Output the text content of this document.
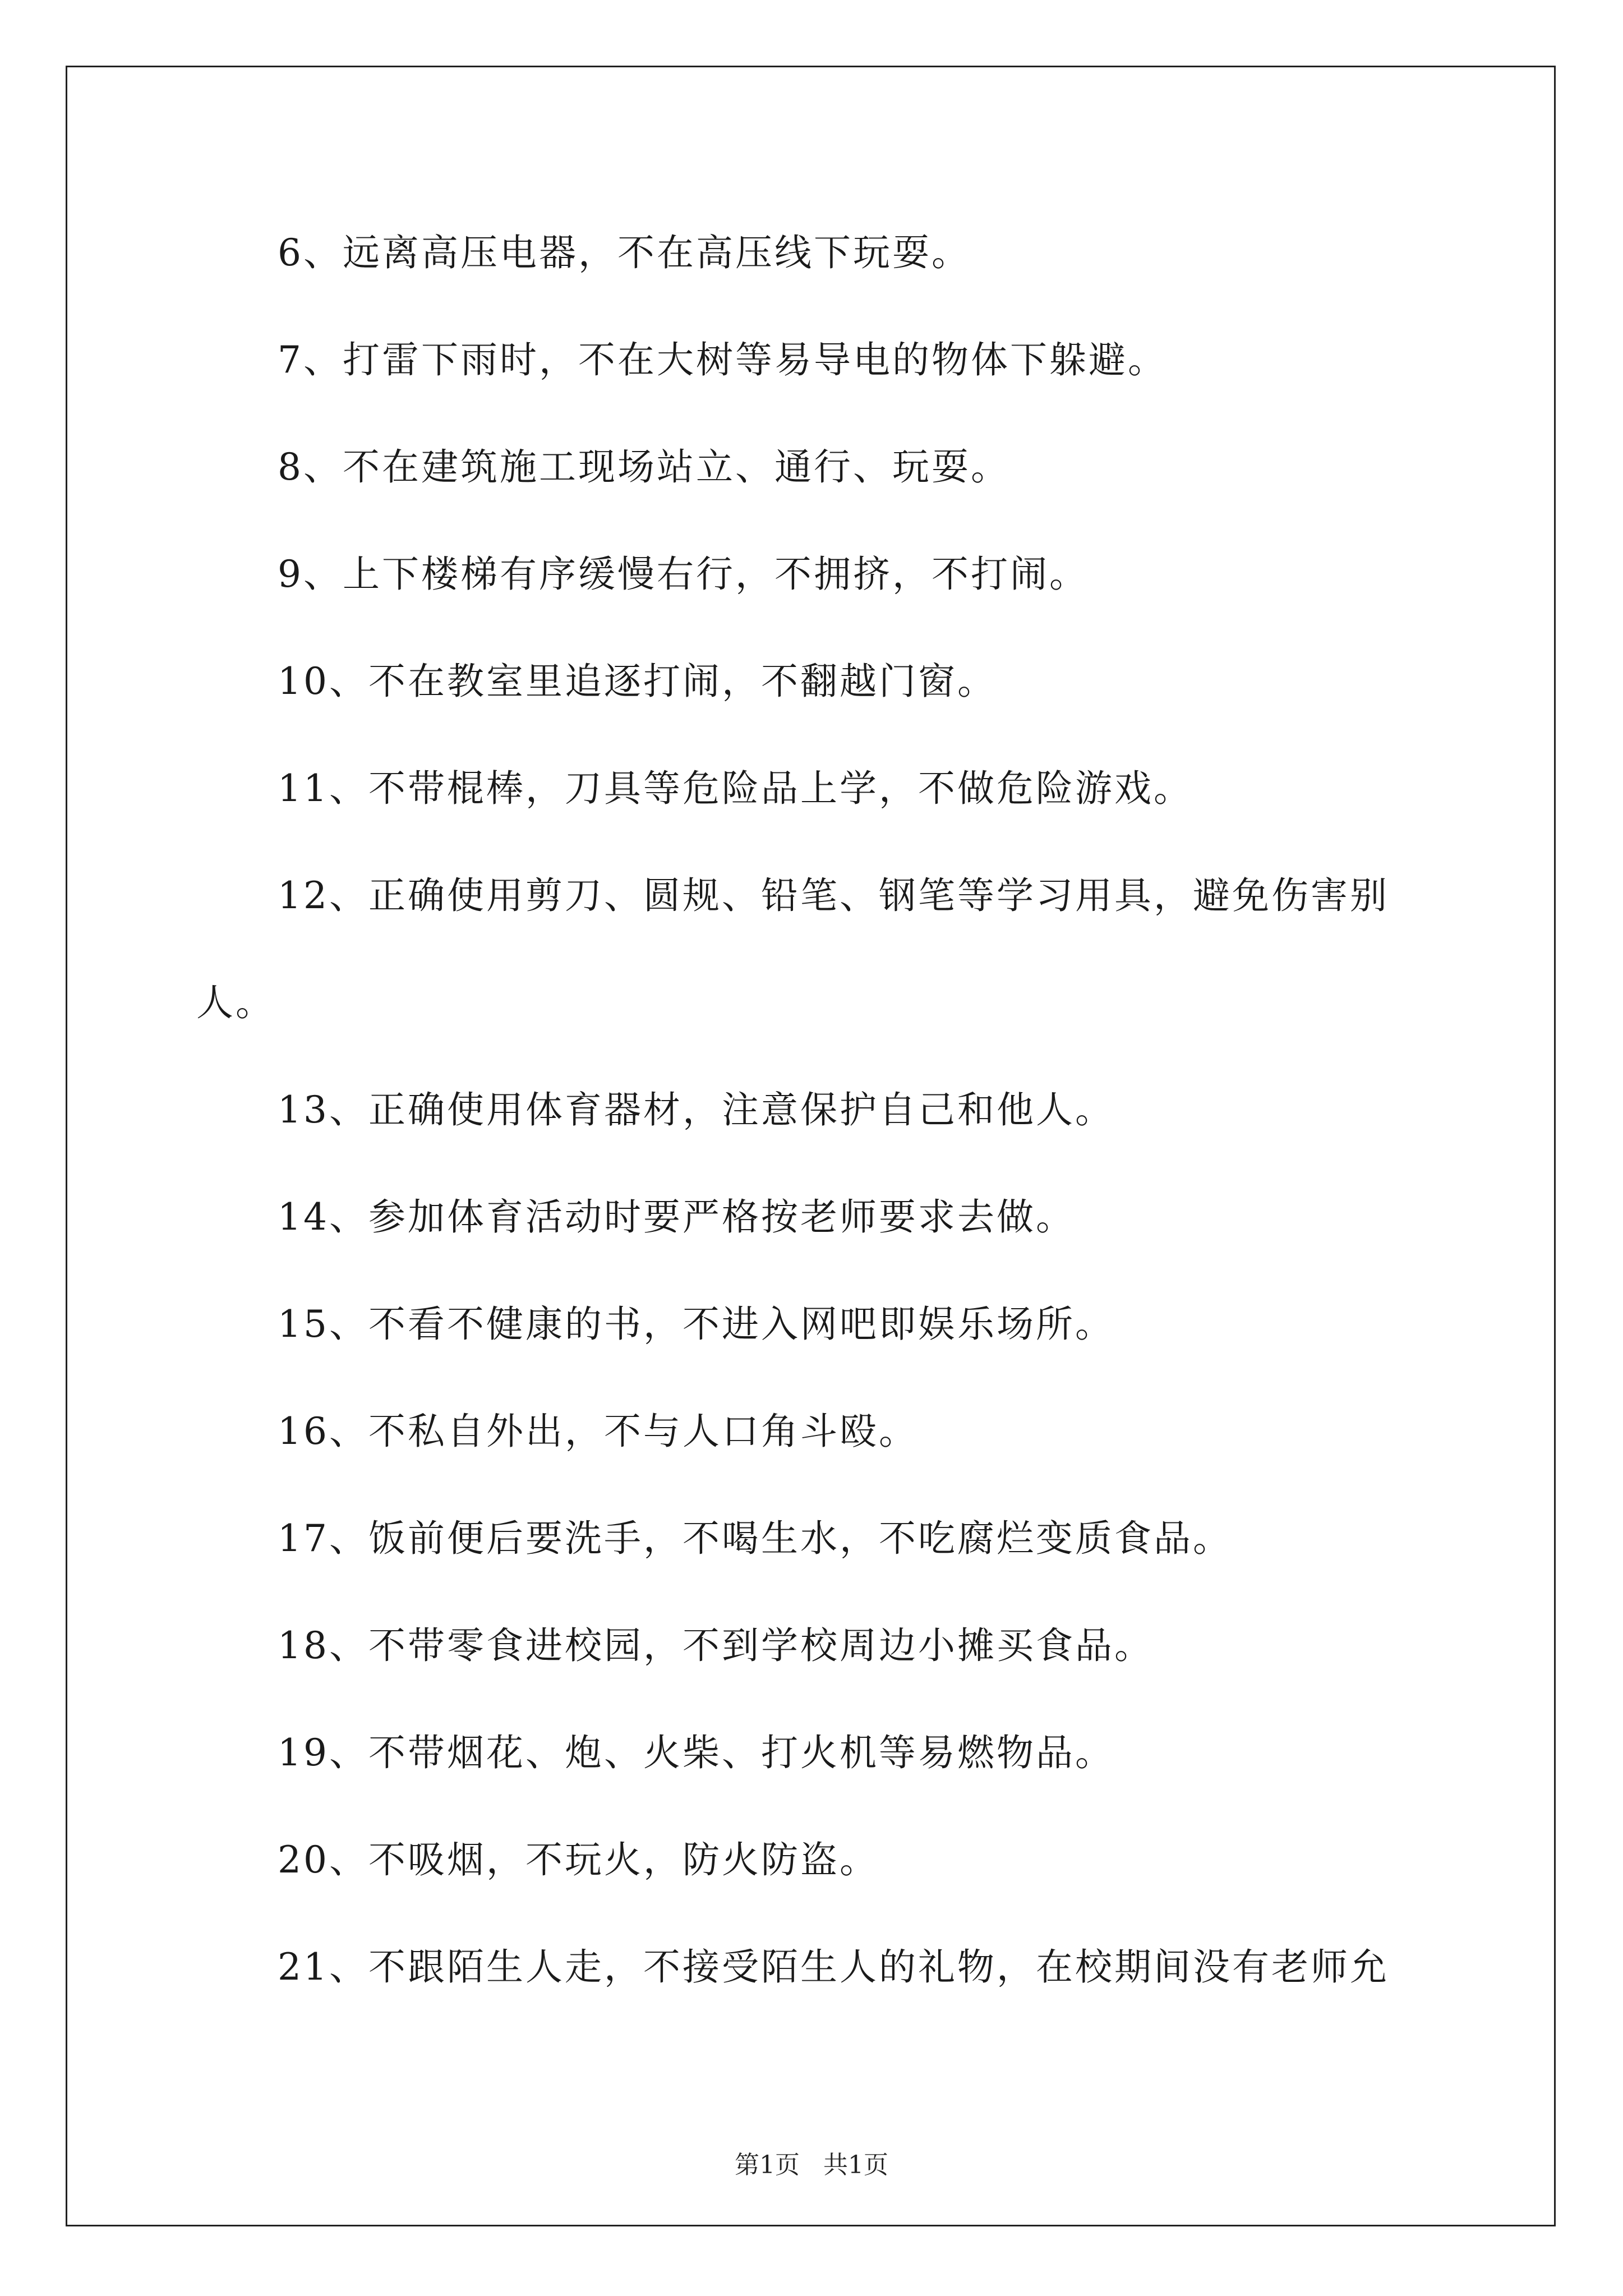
6、远离高压电器，不在高压线下玩耍。
7、打雷下雨时，不在大树等易导电的物体下躲避。
8、不在建筑施工现场站立、通行、玩耍。
9、上下楼梯有序缓慢右行，不拥挤，不打闹。
10、不在教室里追逐打闹，不翻越门窗。
11、不带棍棒，刀具等危险品上学，不做危险游戏。
12、正确使用剪刀、圆规、铅笔、钢笔等学习用具，避免伤害别
人。
13、正确使用体育器材，注意保护自己和他人。
14、参加体育活动时要严格按老师要求去做。
15、不看不健康的书，不进入网吧即娱乐场所。
16、不私自外出，不与人口角斗殴。
17、饭前便后要洗手，不喝生水，不吃腐烂变质食品。
18、不带零食进校园，不到学校周边小摊买食品。
19、不带烟花、炮、火柴、打火机等易燃物品。
20、不吸烟，不玩火，防火防盗。
21、不跟陌生人走，不接受陌生人的礼物，在校期间没有老师允
第1页   共1页
